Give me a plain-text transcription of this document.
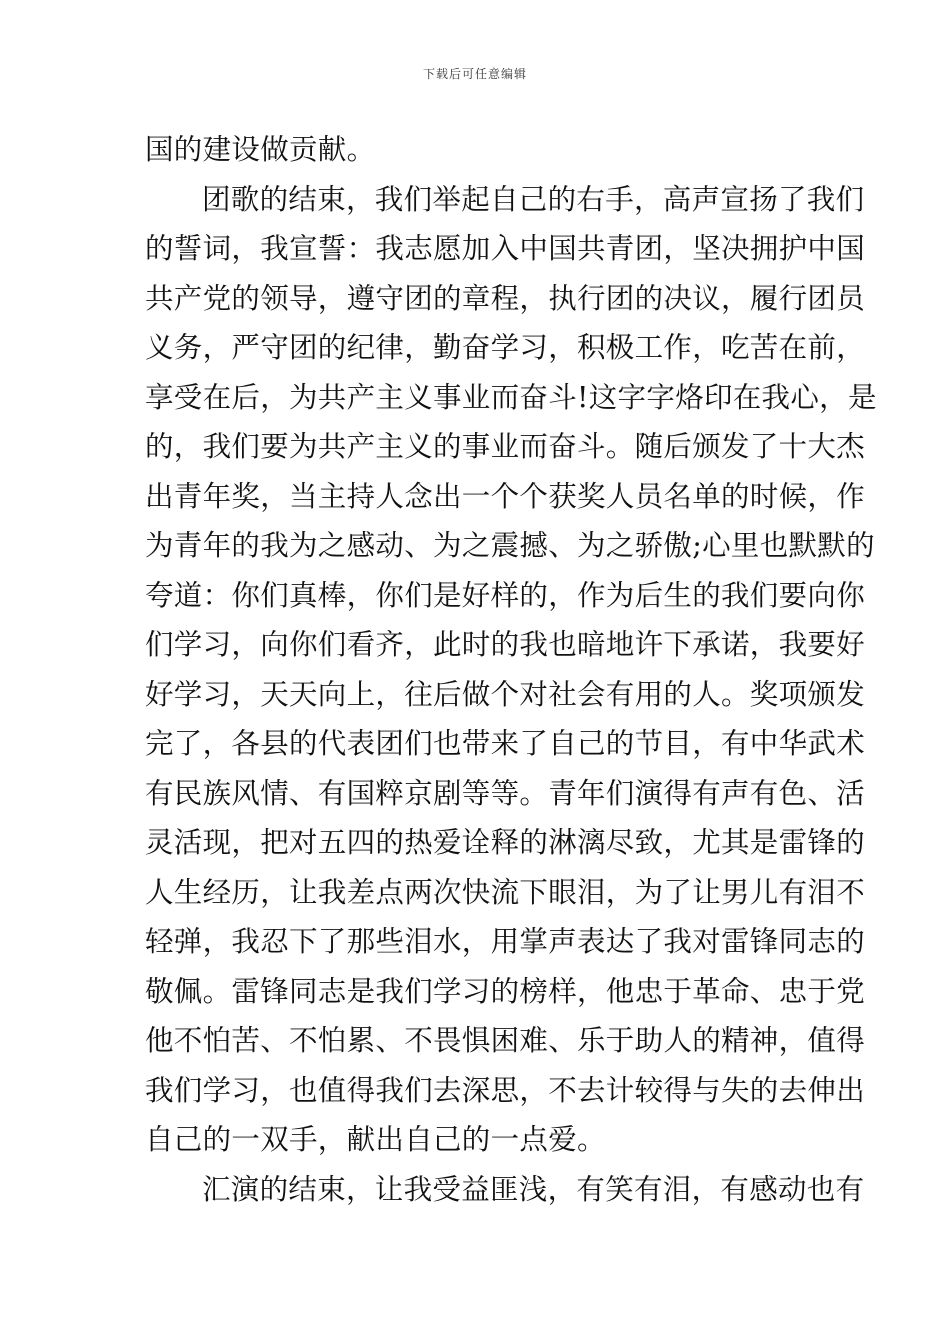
下载后可任意编辑
国的建设做贡献。
团歌的结束，我们举起自己的右手，高声宣扬了我们
的誓词，我宣誓：我志愿加入中国共青团，坚决拥护中国
共产党的领导，遵守团的章程，执行团的决议，履行团员
义务，严守团的纪律，勤奋学习，积极工作，吃苦在前，
享受在后，为共产主义事业而奋斗!这字字烙印在我心，是
的，我们要为共产主义的事业而奋斗。随后颁发了十大杰
出青年奖，当主持人念出一个个获奖人员名单的时候，作
为青年的我为之感动、为之震撼、为之骄傲;心里也默默的
夸道：你们真棒，你们是好样的，作为后生的我们要向你
们学习，向你们看齐，此时的我也暗地许下承诺，我要好
好学习，天天向上，往后做个对社会有用的人。奖项颁发
完了，各县的代表团们也带来了自己的节目，有中华武术
有民族风情、有国粹京剧等等。青年们演得有声有色、活
灵活现，把对五四的热爱诠释的淋漓尽致，尤其是雷锋的
人生经历，让我差点两次快流下眼泪，为了让男儿有泪不
轻弹，我忍下了那些泪水，用掌声表达了我对雷锋同志的
敬佩。雷锋同志是我们学习的榜样，他忠于革命、忠于党
他不怕苦、不怕累、不畏惧困难、乐于助人的精神，值得
我们学习，也值得我们去深思，不去计较得与失的去伸出
自己的一双手，献出自己的一点爱。
汇演的结束，让我受益匪浅，有笑有泪，有感动也有
